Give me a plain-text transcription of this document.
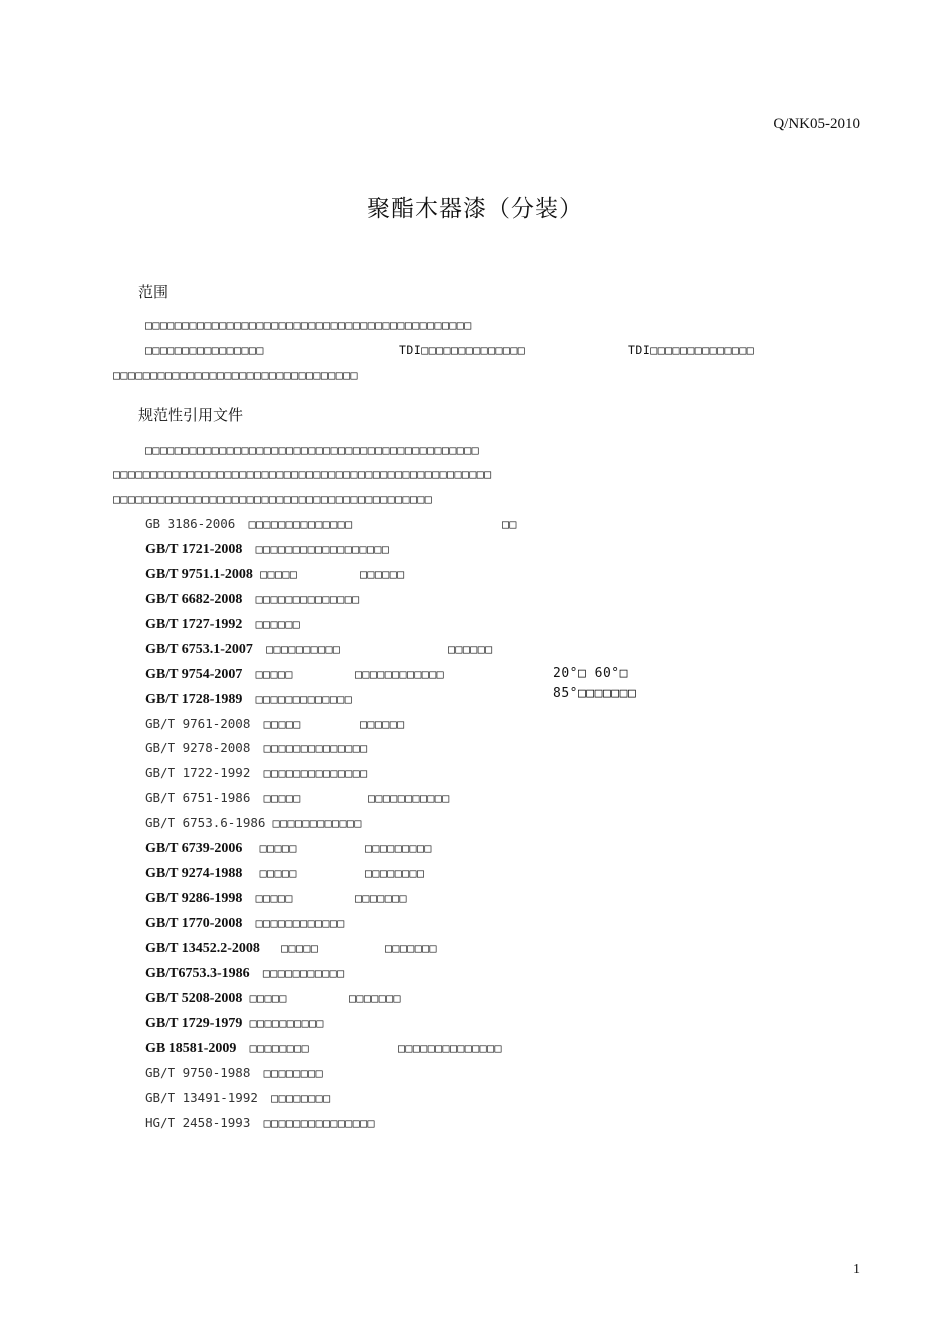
Q/NK05-2010
聚酯木器漆（分装）
范围
□□□□□□□□□□□□□□□□□□□□□□□□□□□□□□□□□□□□□□□□□□□□
□□□□□□□□□□□□□□□□	TDI□□□□□□□□□□□□□□	TDI□□□□□□□□□□□□□□
□□□□□□□□□□□□□□□□□□□□□□□□□□□□□□□□□
规范性引用文件
□□□□□□□□□□□□□□□□□□□□□□□□□□□□□□□□□□□□□□□□□□□□□
□□□□□□□□□□□□□□□□□□□□□□□□□□□□□□□□□□□□□□□□□□□□□□□□□□□
□□□□□□□□□□□□□□□□□□□□□□□□□□□□□□□□□□□□□□□□□□□
GB 3186-2006 □□□□□□□□□□□□□□	□□
GB/T 1721-2008 □□□□□□□□□□□□□□□□□□
GB/T 9751.1-2008 □□□□□	□□□□□□
GB/T 6682-2008 □□□□□□□□□□□□□□
GB/T 1727-1992 □□□□□□
GB/T 6753.1-2007 □□□□□□□□□□	□□□□□□
GB/T 9754-2007 □□□□□	□□□□□□□□□□□□	20°□ 60°□ 85°□□□□□□□
GB/T 1728-1989 □□□□□□□□□□□□□
GB/T 9761-2008 □□□□□	□□□□□□
GB/T 9278-2008 □□□□□□□□□□□□□□
GB/T 1722-1992 □□□□□□□□□□□□□□
GB/T 6751-1986 □□□□□	□□□□□□□□□□□
GB/T 6753.6-1986 □□□□□□□□□□□□
GB/T 6739-2006 □□□□□	□□□□□□□□□
GB/T 9274-1988 □□□□□	□□□□□□□□
GB/T 9286-1998 □□□□□	□□□□□□□
GB/T 1770-2008 □□□□□□□□□□□□
GB/T 13452.2-2008 □□□□□	□□□□□□□
GB/T6753.3-1986 □□□□□□□□□□□
GB/T 5208-2008 □□□□□	□□□□□□□
GB/T 1729-1979 □□□□□□□□□□
GB 18581-2009 □□□□□□□□	□□□□□□□□□□□□□□
GB/T 9750-1988 □□□□□□□□
GB/T 13491-1992 □□□□□□□□
HG/T 2458-1993 □□□□□□□□□□□□□□□
1
